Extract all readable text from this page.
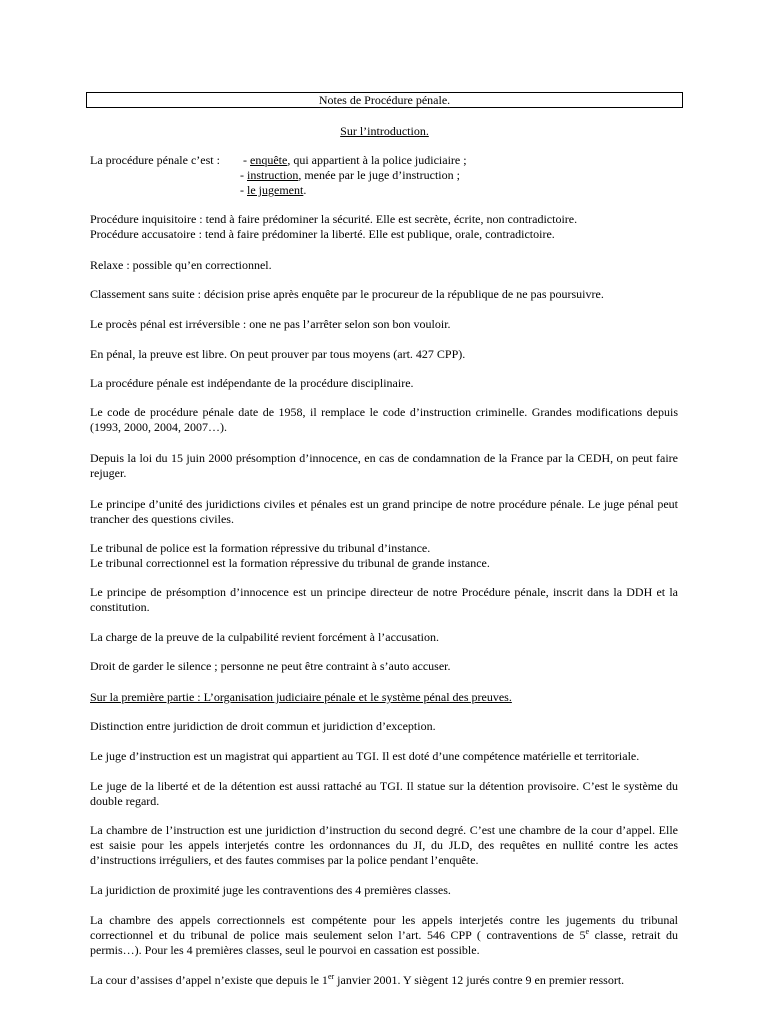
Notes de Procédure pénale.
Sur l’introduction.
La procédure pénale c’est : - enquête, qui appartient à la police judiciaire ;
- instruction, menée par le juge d’instruction ;
- le jugement.
Procédure inquisitoire : tend à faire prédominer la sécurité. Elle est secrète, écrite, non contradictoire.
Procédure accusatoire : tend à faire prédominer la liberté. Elle est publique, orale, contradictoire.
Relaxe : possible qu’en correctionnel.
Classement sans suite : décision prise après enquête par le procureur de la république de ne pas poursuivre.
Le procès pénal est irréversible : one ne pas l’arrêter selon son bon vouloir.
En pénal, la preuve est libre. On peut prouver par tous moyens (art. 427 CPP).
La procédure pénale est indépendante de la procédure disciplinaire.
Le code de procédure pénale date de 1958, il remplace le code d’instruction criminelle. Grandes modifications depuis (1993, 2000, 2004, 2007…).
Depuis la loi du 15 juin 2000 présomption d’innocence, en cas de condamnation de la France par la CEDH, on peut faire rejuger.
Le principe d’unité des juridictions civiles et pénales est un grand principe de notre procédure pénale. Le juge pénal peut trancher des questions civiles.
Le tribunal de police est la formation répressive du tribunal d’instance.
Le tribunal correctionnel est la formation répressive du tribunal de grande instance.
Le principe de présomption d’innocence est un principe directeur de notre Procédure pénale, inscrit dans la DDH et la constitution.
La charge de la preuve de la culpabilité revient forcément à l’accusation.
Droit de garder le silence ; personne ne peut être contraint à s’auto accuser.
Sur la première partie : L’organisation judiciaire pénale et le système pénal des preuves.
Distinction entre juridiction de droit commun et juridiction d’exception.
Le juge d’instruction est un magistrat qui appartient au TGI. Il est doté d’une compétence matérielle et territoriale.
Le juge de la liberté et de la détention est aussi rattaché au TGI. Il statue sur la détention provisoire. C’est le système du double regard.
La chambre de l’instruction est une juridiction d’instruction du second degré. C’est une chambre de la cour d’appel. Elle est saisie pour les appels interjetés contre les ordonnances du JI, du JLD, des requêtes en nullité contre les actes d’instructions irréguliers, et des fautes commises par la police pendant l’enquête.
La juridiction de proximité juge les contraventions des 4 premières classes.
La chambre des appels correctionnels est compétente pour les appels interjetés contre les jugements du tribunal correctionnel et du tribunal de police mais seulement selon l’art. 546 CPP ( contraventions de 5e classe, retrait du permis…). Pour les 4 premières classes, seul le pourvoi en cassation est possible.
La cour d’assises d’appel n’existe que depuis le 1er janvier 2001. Y siègent 12 jurés contre 9 en premier ressort.
